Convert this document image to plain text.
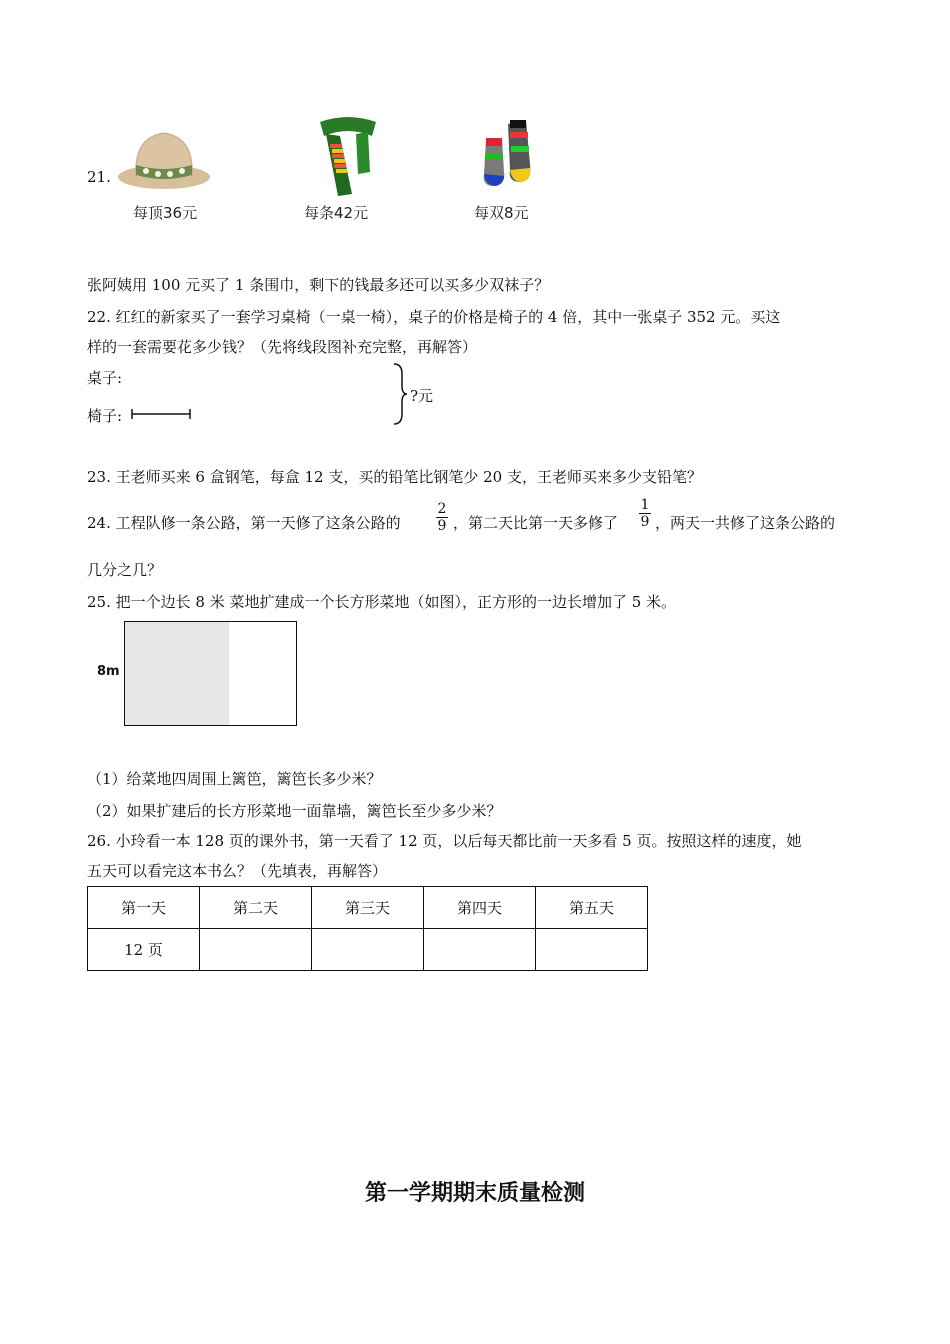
21.
每顶36元	每条42元	每双8元
张阿姨用 100 元买了 1 条围巾，剩下的钱最多还可以买多少双袜子？
22. 红红的新家买了一套学习桌椅（一桌一椅），桌子的价格是椅子的 4 倍，其中一张桌子 352 元。买这
样的一套需要花多少钱？（先将线段图补充完整，再解答）
桌子:
椅子:
?元
23. 王老师买来 6 盒钢笔，每盒 12 支，买的铅笔比钢笔少 20 支，王老师买来多少支铅笔？
24. 工程队修一条公路，第一天修了这条公路的	$\frac{2}{9}$ ，第二天比第一天多修了 $\frac{1}{9}$ ，两天一共修了这条公路的
几分之几？
25. 把一个边长 8 米 菜地扩建成一个长方形菜地（如图），正方形的一边长增加了 5 米。
8m
（1）给菜地四周围上篱笆，篱笆长多少米？
（2）如果扩建后的长方形菜地一面靠墙，篱笆长至少多少米？
26. 小玲看一本 128 页的课外书，第一天看了 12 页，以后每天都比前一天多看 5 页。按照这样的速度，她
五天可以看完这本书么？（先填表，再解答）
第一天	第二天	第三天	第四天	第五天
12 页				
第一学期期末质量检测
